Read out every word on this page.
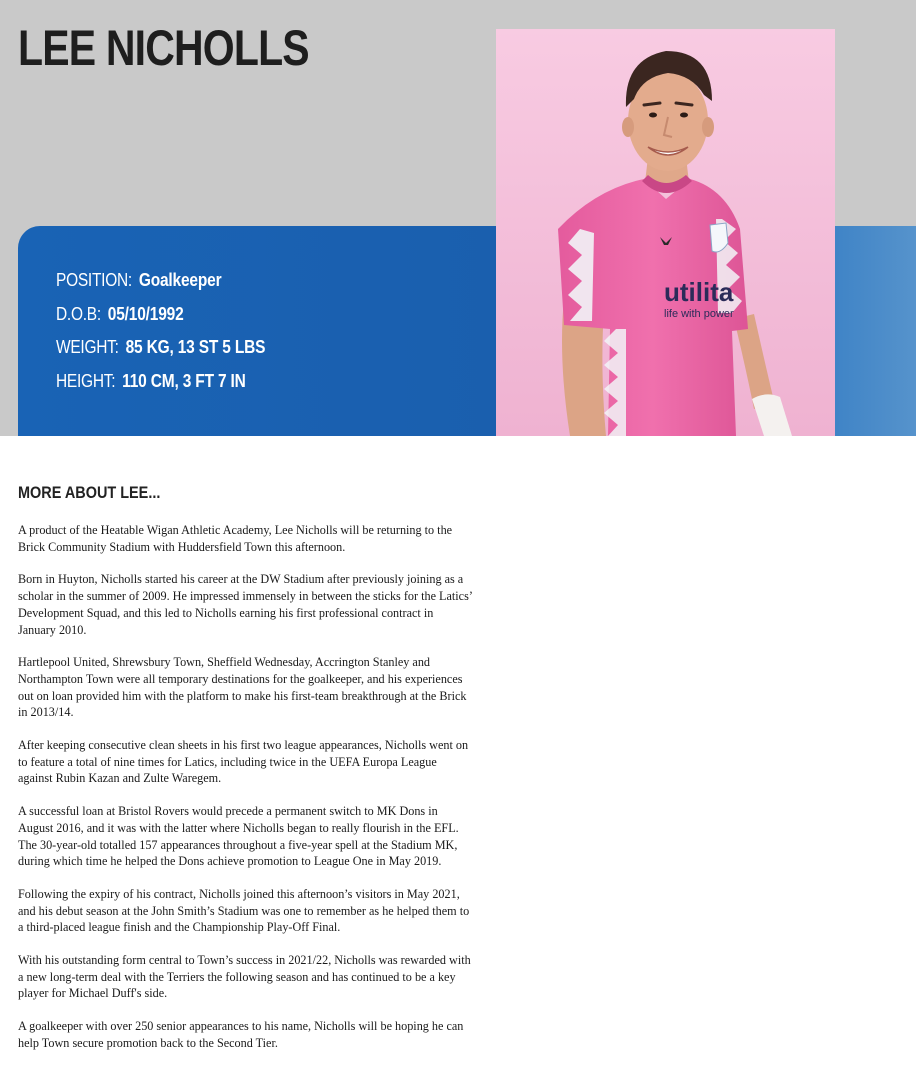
LEE NICHOLLS
POSITION: Goalkeeper
D.O.B: 05/10/1992
WEIGHT: 85 KG, 13 ST 5 LBS
HEIGHT: 110 CM, 3 FT 7 IN
utilita
life with power
MORE ABOUT LEE...

A product of the Heatable Wigan Athletic Academy, Lee Nicholls will be returning to the Brick Community Stadium with Huddersfield Town this afternoon.

Born in Huyton, Nicholls started his career at the DW Stadium after previously joining as a scholar in the summer of 2009. He impressed immensely in between the sticks for the Latics’ Development Squad, and this led to Nicholls earning his first professional contract in January 2010.

Hartlepool United, Shrewsbury Town, Sheffield Wednesday, Accrington Stanley and Northampton Town were all temporary destinations for the goalkeeper, and his experiences out on loan provided him with the platform to make his first-team breakthrough at the Brick in 2013/14.

After keeping consecutive clean sheets in his first two league appearances, Nicholls went on to feature a total of nine times for Latics, including twice in the UEFA Europa League against Rubin Kazan and Zulte Waregem.

A successful loan at Bristol Rovers would precede a permanent switch to MK Dons in August 2016, and it was with the latter where Nicholls began to really flourish in the EFL. The 30-year-old totalled 157 appearances throughout a five-year spell at the Stadium MK, during which time he helped the Dons achieve promotion to League One in May 2019.

Following the expiry of his contract, Nicholls joined this afternoon’s visitors in May 2021, and his debut season at the John Smith’s Stadium was one to remember as he helped them to a third-placed league finish and the Championship Play-Off Final.

With his outstanding form central to Town’s success in 2021/22, Nicholls was rewarded with a new long-term deal with the Terriers the following season and has continued to be a key player for Michael Duff's side.

A goalkeeper with over 250 senior appearances to his name, Nicholls will be hoping he can help Town secure promotion back to the Second Tier.
